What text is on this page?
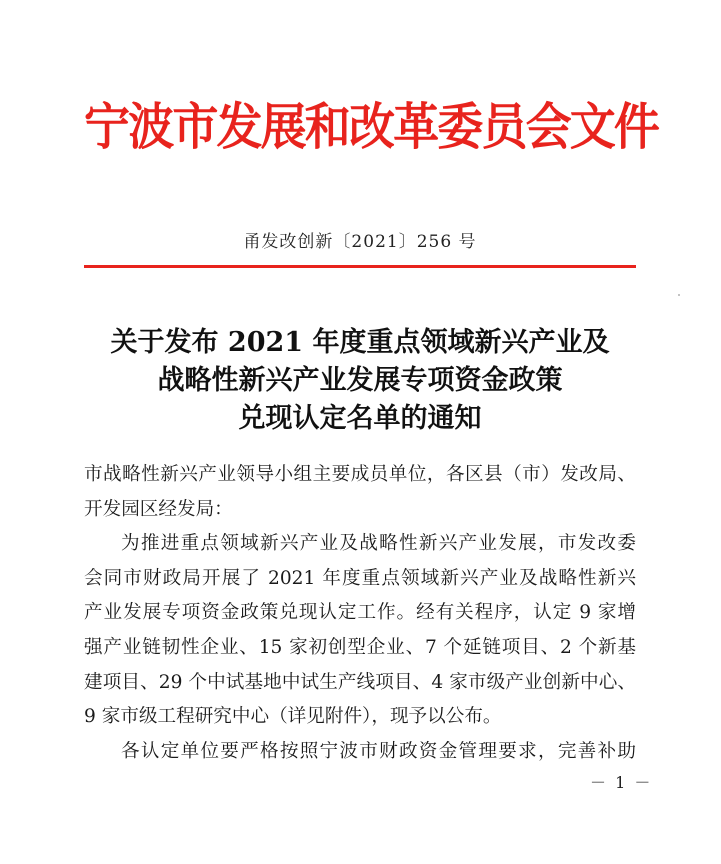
宁波市发展和改革委员会文件
甬发改创新〔2021〕256 号
关于发布 2021 年度重点领域新兴产业及
战略性新兴产业发展专项资金政策
兑现认定名单的通知
市战略性新兴产业领导小组主要成员单位，各区县（市）发改局、
开发园区经发局：
为推进重点领域新兴产业及战略性新兴产业发展，市发改委
会同市财政局开展了 2021 年度重点领域新兴产业及战略性新兴
产业发展专项资金政策兑现认定工作。经有关程序，认定 9 家增
强产业链韧性企业、15 家初创型企业、7 个延链项目、2 个新基
建项目、29 个中试基地中试生产线项目、4 家市级产业创新中心、
9 家市级工程研究中心（详见附件），现予以公布。
各认定单位要严格按照宁波市财政资金管理要求，完善补助
－ 1 －
